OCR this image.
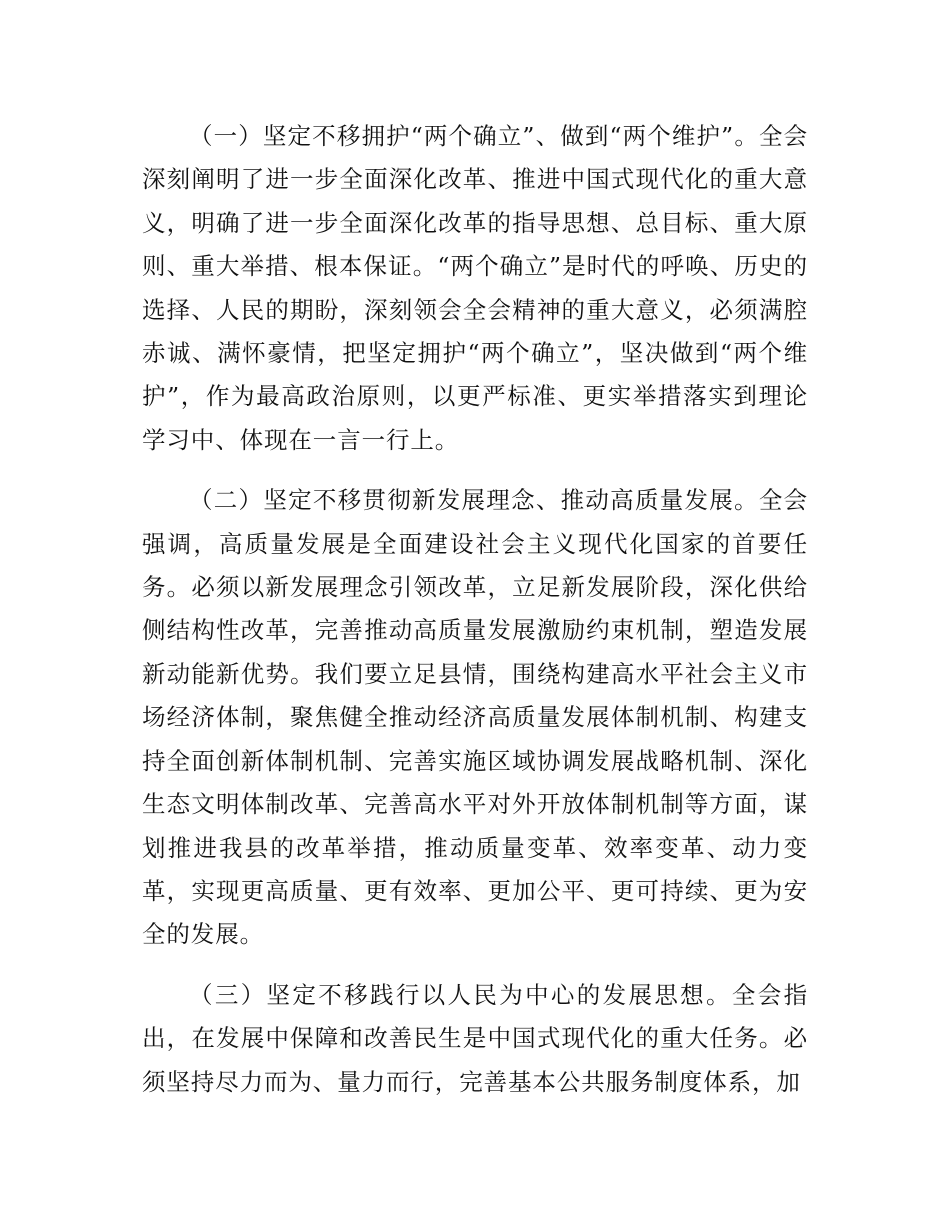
（一）坚定不移拥护“两个确立”、做到“两个维护”。全会深刻阐明了进一步全面深化改革、推进中国式现代化的重大意义，明确了进一步全面深化改革的指导思想、总目标、重大原则、重大举措、根本保证。“两个确立”是时代的呼唤、历史的选择、人民的期盼，深刻领会全会精神的重大意义，必须满腔赤诚、满怀豪情，把坚定拥护“两个确立”，坚决做到“两个维护”，作为最高政治原则，以更严标准、更实举措落实到理论学习中、体现在一言一行上。

（二）坚定不移贯彻新发展理念、推动高质量发展。全会强调，高质量发展是全面建设社会主义现代化国家的首要任务。必须以新发展理念引领改革，立足新发展阶段，深化供给侧结构性改革，完善推动高质量发展激励约束机制，塑造发展新动能新优势。我们要立足县情，围绕构建高水平社会主义市场经济体制，聚焦健全推动经济高质量发展体制机制、构建支持全面创新体制机制、完善实施区域协调发展战略机制、深化生态文明体制改革、完善高水平对外开放体制机制等方面，谋划推进我县的改革举措，推动质量变革、效率变革、动力变革，实现更高质量、更有效率、更加公平、更可持续、更为安全的发展。

（三）坚定不移践行以人民为中心的发展思想。全会指出，在发展中保障和改善民生是中国式现代化的重大任务。必须坚持尽力而为、量力而行，完善基本公共服务制度体系，加
